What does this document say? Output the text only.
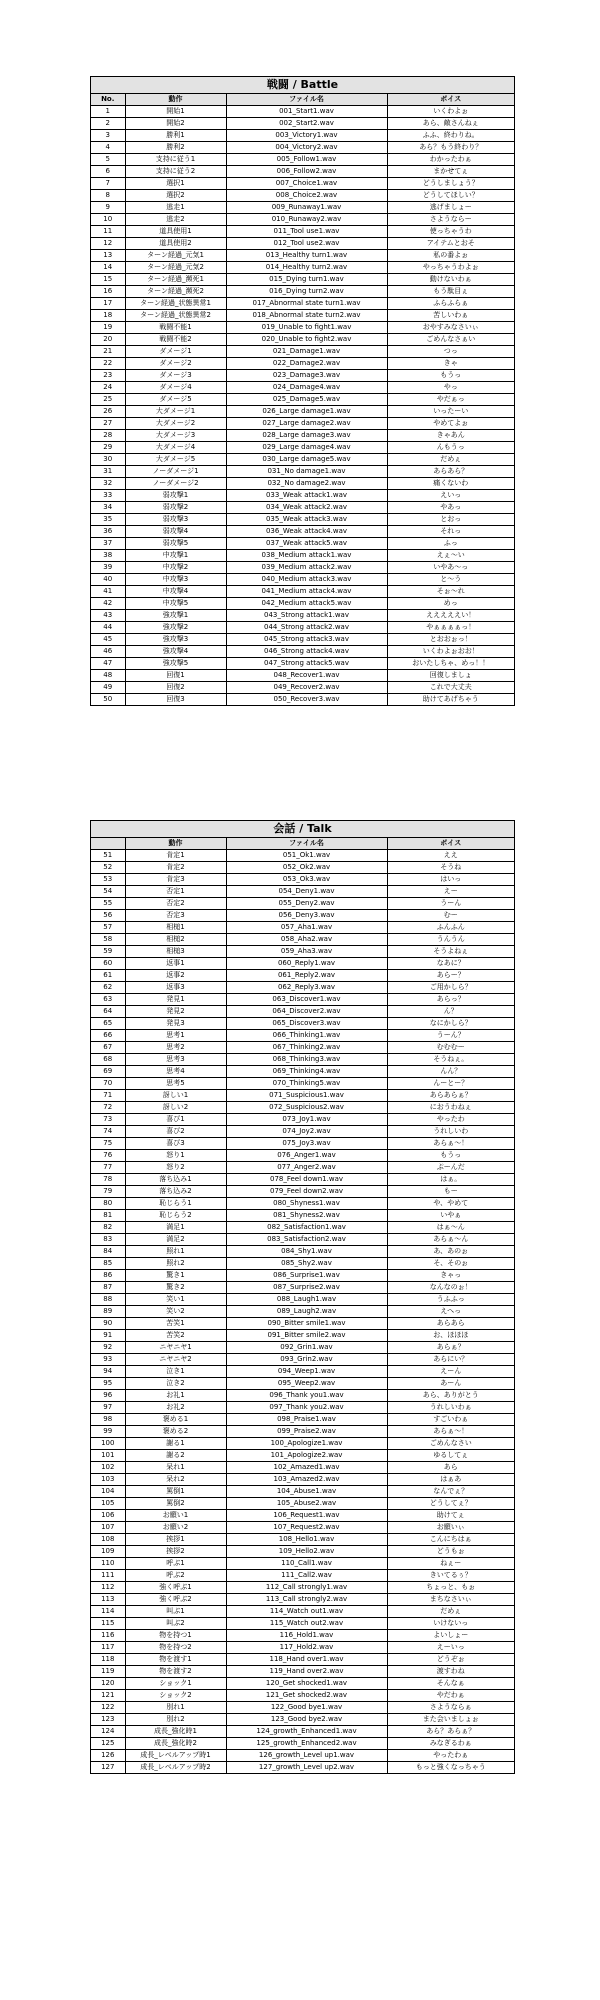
戦闘 / Battle
No.	動作	ファイル名	ボイス
1	開始1	001_Start1.wav	いくわよぉ
2	開始2	002_Start2.wav	あら、敵さんねぇ
3	勝利1	003_Victory1.wav	ふふ、終わりね。
4	勝利2	004_Victory2.wav	あら？もう終わり？
5	支持に従う1	005_Follow1.wav	わかったわぁ
6	支持に従う2	006_Follow2.wav	まかせてぇ
7	選択1	007_Choice1.wav	どうしましょう？
8	選択2	008_Choice2.wav	どうしてほしい？
9	逃走1	009_Runaway1.wav	逃げましょー
10	逃走2	010_Runaway2.wav	さようならー
11	道具使用1	011_Tool use1.wav	使っちゃうわ
12	道具使用2	012_Tool use2.wav	アイテムとおそ
13	ターン経過_元気1	013_Healthy turn1.wav	私の番よぉ
14	ターン経過_元気2	014_Healthy turn2.wav	やっちゃうわよぉ
15	ターン経過_瀕死1	015_Dying turn1.wav	動けないわぁ
16	ターン経過_瀕死2	016_Dying turn2.wav	もう駄目ぇ
17	ターン経過_状態異常1	017_Abnormal state turn1.wav	ふらふらぁ
18	ターン経過_状態異常2	018_Abnormal state turn2.wav	苦しいわぁ
19	戦闘不能1	019_Unable to fight1.wav	おやすみなさいぃ
20	戦闘不能2	020_Unable to fight2.wav	ごめんなさぁい
21	ダメージ1	021_Damage1.wav	つっ
22	ダメージ2	022_Damage2.wav	きゃ
23	ダメージ3	023_Damage3.wav	もうっ
24	ダメージ4	024_Damage4.wav	やっ
25	ダメージ5	025_Damage5.wav	やだぁっ
26	大ダメージ1	026_Large damage1.wav	いったーい
27	大ダメージ2	027_Large damage2.wav	やめてよぉ
28	大ダメージ3	028_Large damage3.wav	きゃあん
29	大ダメージ4	029_Large damage4.wav	んもうっ
30	大ダメージ5	030_Large damage5.wav	だめぇ
31	ノーダメージ1	031_No damage1.wav	あらあら？
32	ノーダメージ2	032_No damage2.wav	痛くないわ
33	弱攻撃1	033_Weak attack1.wav	えいっ
34	弱攻撃2	034_Weak attack2.wav	やあっ
35	弱攻撃3	035_Weak attack3.wav	とおっ
36	弱攻撃4	036_Weak attack4.wav	それっ
37	弱攻撃5	037_Weak attack5.wav	ふっ
38	中攻撃1	038_Medium attack1.wav	えぇ～い
39	中攻撃2	039_Medium attack2.wav	いやあ～っ
40	中攻撃3	040_Medium attack3.wav	と～う
41	中攻撃4	041_Medium attack4.wav	そぉ～れ
42	中攻撃5	042_Medium attack5.wav	めっ
43	強攻撃1	043_Strong attack1.wav	えええええい！
44	強攻撃2	044_Strong attack2.wav	やぁぁぁぁっ！
45	強攻撃3	045_Strong attack3.wav	とおおぉっ！
46	強攻撃4	046_Strong attack4.wav	いくわよぉおお！
47	強攻撃5	047_Strong attack5.wav	おいたしちゃ、めっ！！
48	回復1	048_Recover1.wav	回復しましょ
49	回復2	049_Recover2.wav	これで大丈夫
50	回復3	050_Recover3.wav	助けてあげちゃう
会話 / Talk
	動作	ファイル名	ボイス
51	肯定1	051_Ok1.wav	ええ
52	肯定2	052_Ok2.wav	そうね
53	肯定3	053_Ok3.wav	はいっ
54	否定1	054_Deny1.wav	えー
55	否定2	055_Deny2.wav	うーん
56	否定3	056_Deny3.wav	むー
57	相槌1	057_Aha1.wav	ふんふん
58	相槌2	058_Aha2.wav	うんうん
59	相槌3	059_Aha3.wav	そうよねぇ
60	返事1	060_Reply1.wav	なあに？
61	返事2	061_Reply2.wav	あらー？
62	返事3	062_Reply3.wav	ご用かしら？
63	発見1	063_Discover1.wav	あらっ？
64	発見2	064_Discover2.wav	ん？
65	発見3	065_Discover3.wav	なにかしら？
66	思考1	066_Thinking1.wav	うーん？
67	思考2	067_Thinking2.wav	むむむー
68	思考3	068_Thinking3.wav	そうねぇ。
69	思考4	069_Thinking4.wav	んん？
70	思考5	070_Thinking5.wav	んーとー？
71	訝しい1	071_Suspicious1.wav	あらあらぁ？
72	訝しい2	072_Suspicious2.wav	におうわねぇ
73	喜び1	073_Joy1.wav	やったわ
74	喜び2	074_Joy2.wav	うれしいわ
75	喜び3	075_Joy3.wav	あらぁ～！
76	怒り1	076_Anger1.wav	もうっ
77	怒り2	077_Anger2.wav	ぷーんだ
78	落ち込み1	078_Feel down1.wav	はぁ。
79	落ち込み2	079_Feel down2.wav	もー
80	恥じらう1	080_Shyness1.wav	や、やめて
81	恥じらう2	081_Shyness2.wav	いやぁ
82	満足1	082_Satisfaction1.wav	はぁ～ん
83	満足2	083_Satisfaction2.wav	あらぁ～ん
84	照れ1	084_Shy1.wav	あ、あのぉ
85	照れ2	085_Shy2.wav	そ、そのぉ
86	驚き1	086_Surprise1.wav	きゃっ
87	驚き2	087_Surprise2.wav	なんなのぉ！
88	笑い1	088_Laugh1.wav	うふふっ
89	笑い2	089_Laugh2.wav	えへっ
90	苦笑1	090_Bitter smile1.wav	あらあら
91	苦笑2	091_Bitter smile2.wav	お、ほほほ
92	ニヤニヤ1	092_Grin1.wav	あらぁ？
93	ニヤニヤ2	093_Grin2.wav	あらにい？
94	泣き1	094_Weep1.wav	えーん
95	泣き2	095_Weep2.wav	あーん
96	お礼1	096_Thank you1.wav	あら、ありがとう
97	お礼2	097_Thank you2.wav	うれしいわぁ
98	褒める1	098_Praise1.wav	すごいわぁ
99	褒める2	099_Praise2.wav	あらぁ～！
100	謝る1	100_Apologize1.wav	ごめんなさい
101	謝る2	101_Apologize2.wav	ゆるしてぇ
102	呆れ1	102_Amazed1.wav	あら
103	呆れ2	103_Amazed2.wav	はぁあ
104	罵倒1	104_Abuse1.wav	なんでぇ？
105	罵倒2	105_Abuse2.wav	どうしてぇ？
106	お願い1	106_Request1.wav	助けてぇ
107	お願い2	107_Request2.wav	お願いぃ
108	挨拶1	108_Hello1.wav	こんにちはぁ
109	挨拶2	109_Hello2.wav	どうもぉ
110	呼ぶ1	110_Call1.wav	ねぇー
111	呼ぶ2	111_Call2.wav	きいてるぅ？
112	強く呼ぶ1	112_Call strongly1.wav	ちょっと、もぉ
113	強く呼ぶ2	113_Call strongly2.wav	まちなさいぃ
114	叫ぶ1	114_Watch out1.wav	だめぇ
115	叫ぶ2	115_Watch out2.wav	いけないっ
116	物を持つ1	116_Hold1.wav	よいしょー
117	物を持つ2	117_Hold2.wav	えーいっ
118	物を渡す1	118_Hand over1.wav	どうぞぉ
119	物を渡す2	119_Hand over2.wav	渡すわね
120	ショック1	120_Get shocked1.wav	そんなぁ
121	ショック2	121_Get shocked2.wav	やだわぁ
122	別れ1	122_Good bye1.wav	さようならぁ
123	別れ2	123_Good bye2.wav	また会いましょぉ
124	成長_強化時1	124_growth_Enhanced1.wav	あら？あらぁ？
125	成長_強化時2	125_growth_Enhanced2.wav	みなぎるわぁ
126	成長_レベルアップ時1	126_growth_Level up1.wav	やったわぁ
127	成長_レベルアップ時2	127_growth_Level up2.wav	もっと強くなっちゃう
